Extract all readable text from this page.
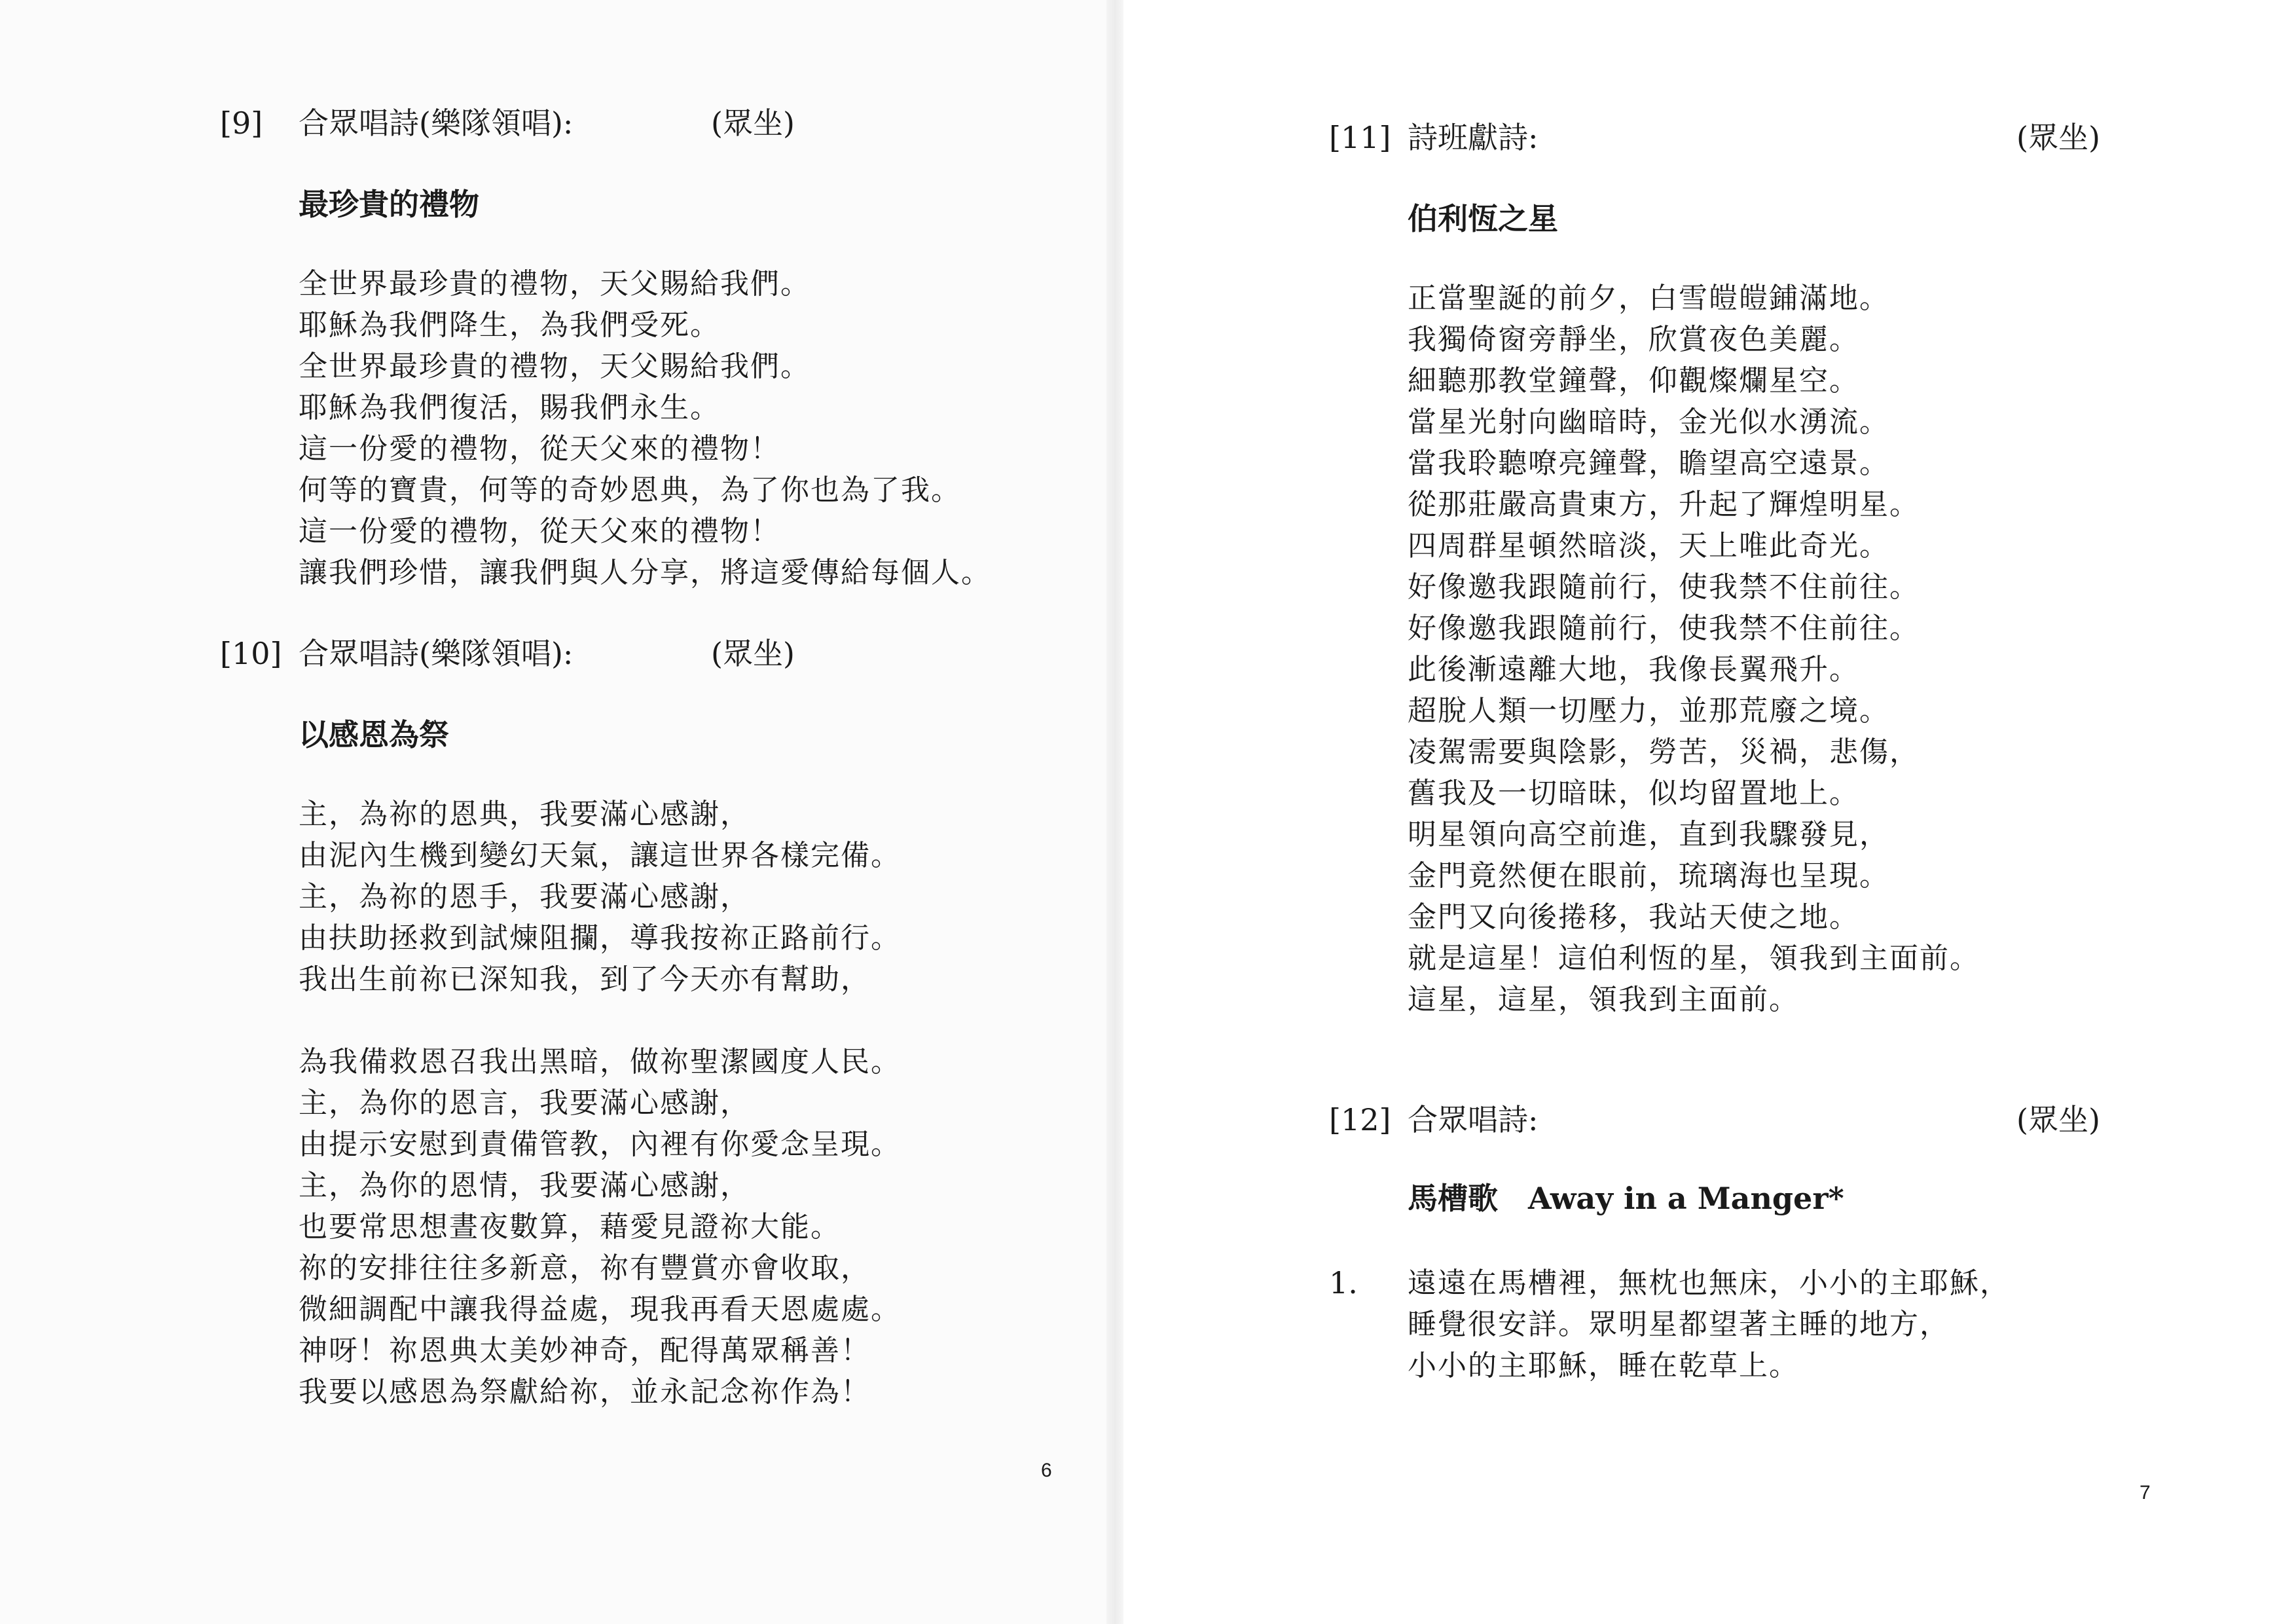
[9] 合眾唱詩(樂隊領唱):	(眾坐)
最珍貴的禮物
全世界最珍貴的禮物，天父賜給我們。
耶穌為我們降生，為我們受死。
全世界最珍貴的禮物，天父賜給我們。
耶穌為我們復活，賜我們永生。
這一份愛的禮物，從天父來的禮物！
何等的寶貴，何等的奇妙恩典，為了你也為了我。
這一份愛的禮物，從天父來的禮物！
讓我們珍惜，讓我們與人分享，將這愛傳給每個人。
[10] 合眾唱詩(樂隊領唱):	(眾坐)
以感恩為祭
主，為祢的恩典，我要滿心感謝，
由泥內生機到變幻天氣，讓這世界各樣完備。
主，為祢的恩手，我要滿心感謝，
由扶助拯救到試煉阻攔，導我按祢正路前行。
我出生前祢已深知我，到了今天亦有幫助，
為我備救恩召我出黑暗，做祢聖潔國度人民。
主，為你的恩言，我要滿心感謝，
由提示安慰到責備管教，內裡有你愛念呈現。
主，為你的恩情，我要滿心感謝，
也要常思想晝夜數算，藉愛見證祢大能。
祢的安排往往多新意，祢有豐賞亦會收取，
微細調配中讓我得益處，現我再看天恩處處。
神呀！祢恩典太美妙神奇，配得萬眾稱善！
我要以感恩為祭獻給祢，並永記念祢作為！
6
[11] 詩班獻詩:	(眾坐)
伯利恆之星
正當聖誕的前夕，白雪皚皚鋪滿地。
我獨倚窗旁靜坐，欣賞夜色美麗。
細聽那教堂鐘聲，仰觀燦爛星空。
當星光射向幽暗時，金光似水湧流。
當我聆聽嘹亮鐘聲，瞻望高空遠景。
從那莊嚴高貴東方，升起了輝煌明星。
四周群星頓然暗淡，天上唯此奇光。
好像邀我跟隨前行，使我禁不住前往。
好像邀我跟隨前行，使我禁不住前往。
此後漸遠離大地，我像長翼飛升。
超脫人類一切壓力，並那荒廢之境。
凌駕需要與陰影，勞苦，災禍，悲傷，
舊我及一切暗昧，似均留置地上。
明星領向高空前進，直到我驟發見，
金門竟然便在眼前，琉璃海也呈現。
金門又向後捲移，我站天使之地。
就是這星！這伯利恆的星，領我到主面前。
這星，這星，領我到主面前。
[12] 合眾唱詩:	(眾坐)
馬槽歌　Away in a Manger*
1. 遠遠在馬槽裡，無枕也無床，小小的主耶穌，
睡覺很安詳。眾明星都望著主睡的地方，
小小的主耶穌，睡在乾草上。
7
